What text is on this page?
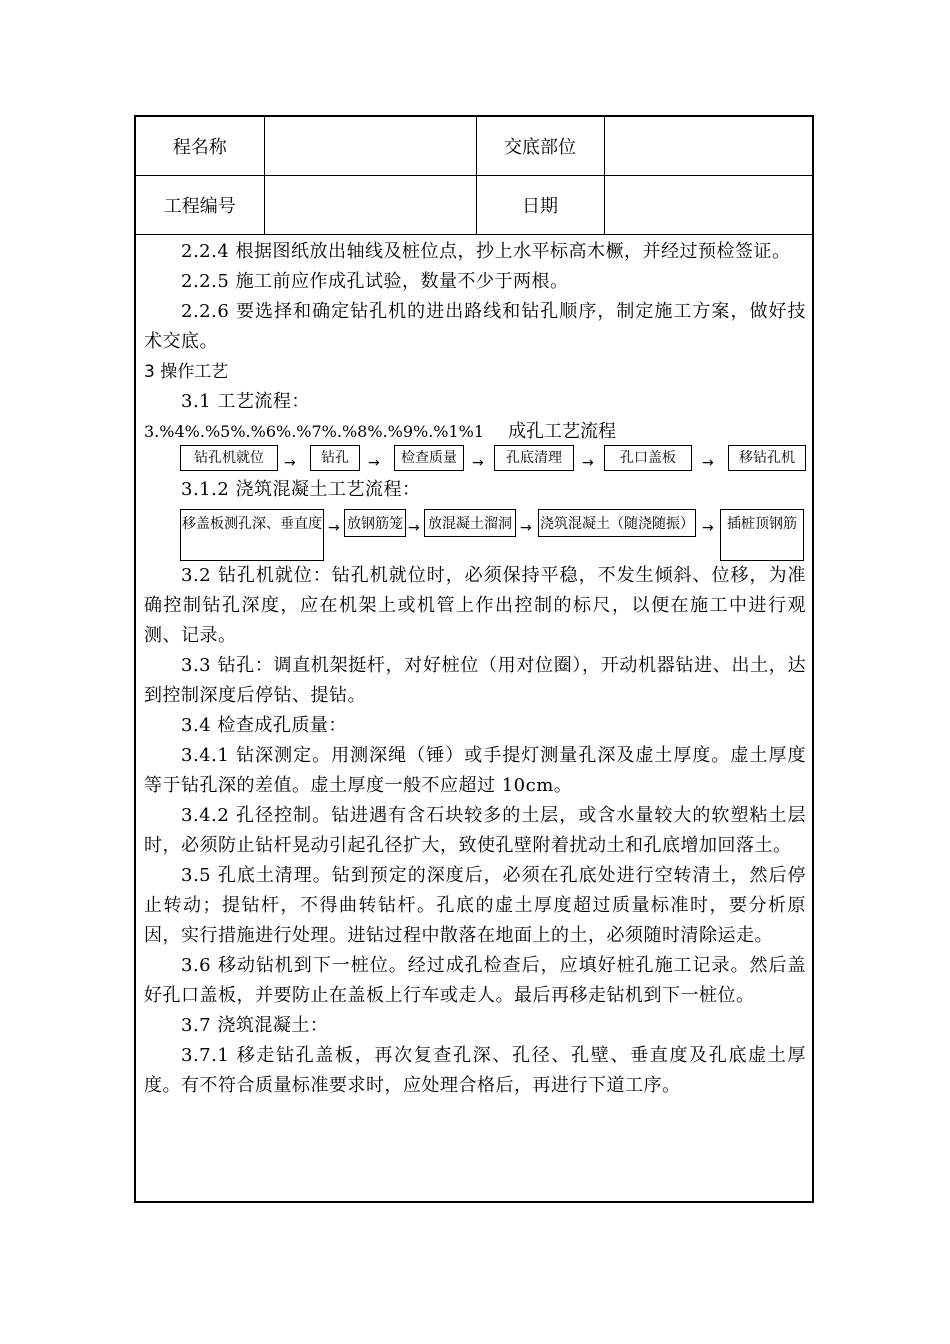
程名称		交底部位	
工程编号		日期	

2.2.4 根据图纸放出轴线及桩位点，抄上水平标高木橛，并经过预检签证。

2.2.5 施工前应作成孔试验，数量不少于两根。

2.2.6 要选择和确定钻孔机的进出路线和钻孔顺序，制定施工方案，做好技术交底。

3 操作工艺

3.1 工艺流程：

3.%4%.%5%.%6%.%7%.%8%.%9%.%1%1 成孔工艺流程
钻孔机就位	→	钻孔	→	检查质量	→	孔底清理	→	孔口盖板	→	移钻孔机

3.1.2 浇筑混凝土工艺流程：

移盖板测孔深、垂直度 → 放钢筋笼 → 放混凝土溜洞 → 浇筑混凝土（随浇随振） → 插桩顶钢筋

3.2 钻孔机就位：钻孔机就位时，必须保持平稳，不发生倾斜、位移，为准确控制钻孔深度，应在机架上或机管上作出控制的标尺，以便在施工中进行观测、记录。

3.3 钻孔：调直机架挺杆，对好桩位（用对位圈），开动机器钻进、出土，达到控制深度后停钻、提钻。

3.4 检查成孔质量：

3.4.1 钻深测定。用测深绳（锤）或手提灯测量孔深及虚土厚度。虚土厚度等于钻孔深的差值。虚土厚度一般不应超过 10cm。

3.4.2 孔径控制。钻进遇有含石块较多的土层，或含水量较大的软塑粘土层时，必须防止钻杆晃动引起孔径扩大，致使孔壁附着扰动土和孔底增加回落土。

3.5 孔底土清理。钻到预定的深度后，必须在孔底处进行空转清土，然后停止转动；提钻杆，不得曲转钻杆。孔底的虚土厚度超过质量标准时，要分析原因，实行措施进行处理。进钻过程中散落在地面上的土，必须随时清除运走。

3.6 移动钻机到下一桩位。经过成孔检查后，应填好桩孔施工记录。然后盖好孔口盖板，并要防止在盖板上行车或走人。最后再移走钻机到下一桩位。

3.7 浇筑混凝土：

3.7.1 移走钻孔盖板，再次复查孔深、孔径、孔壁、垂直度及孔底虚土厚度。有不符合质量标准要求时，应处理合格后，再进行下道工序。
